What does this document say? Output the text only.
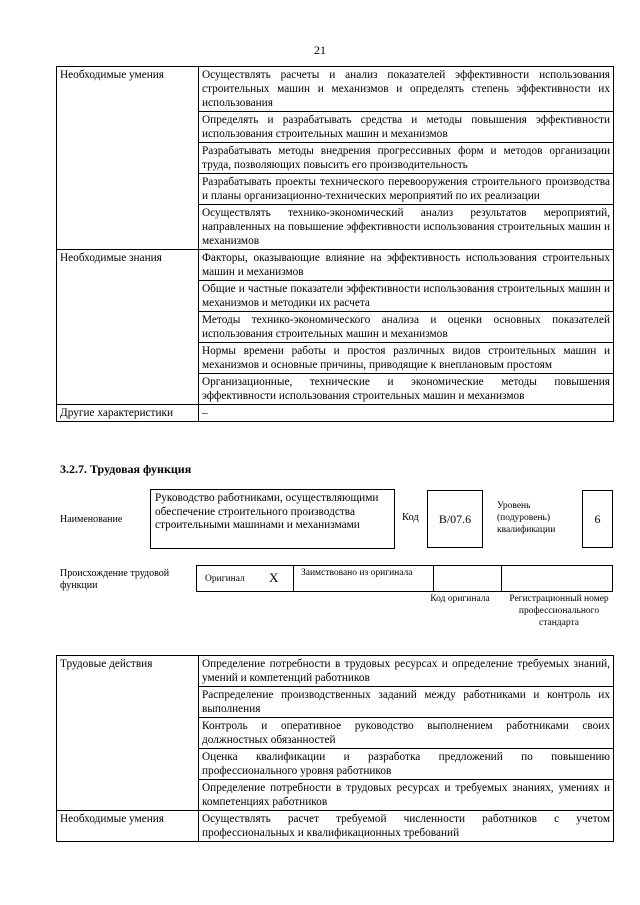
21
Необходимые умения	Осуществлять расчеты и анализ показателей эффективности использования строительных машин и механизмов и определять степень эффективности их использования
	Определять и разрабатывать средства и методы повышения эффективности использования строительных машин и механизмов
	Разрабатывать методы внедрения прогрессивных форм и методов организации труда, позволяющих повысить его производительность
	Разрабатывать проекты технического перевооружения строительного производства и планы организационно-технических мероприятий по их реализации
	Осуществлять технико-экономический анализ результатов мероприятий, направленных на повышение эффективности использования строительных машин и механизмов
Необходимые знания	Факторы, оказывающие влияние на эффективность использования строительных машин и механизмов
	Общие и частные показатели эффективности использования строительных машин и механизмов и методики их расчета
	Методы технико-экономического анализа и оценки основных показателей использования строительных машин и механизмов
	Нормы времени работы и простоя различных видов строительных машин и механизмов и основные причины, приводящие к внеплановым простоям
	Организационные, технические и экономические методы повышения эффективности использования строительных машин и механизмов
Другие характеристики	–
3.2.7. Трудовая функция
Наименование
Руководство работниками, осуществляющими обеспечение строительного производства строительными машинами и механизмами
Код	B/07.6
Уровень (подуровень) квалификации
6
Происхождение трудовой функции
Оригинал X Заимствовано из оригинала
Код оригинала	Регистрационный номер профессионального стандарта
Трудовые действия	Определение потребности в трудовых ресурсах и определение требуемых знаний, умений и компетенций работников
	Распределение производственных заданий между работниками и контроль их выполнения
	Контроль и оперативное руководство выполнением работниками своих должностных обязанностей
	Оценка квалификации и разработка предложений по повышению профессионального уровня работников
	Определение потребности в трудовых ресурсах и требуемых знаниях, умениях и компетенциях работников
Необходимые умения	Осуществлять расчет требуемой численности работников с учетом профессиональных и квалификационных требований
